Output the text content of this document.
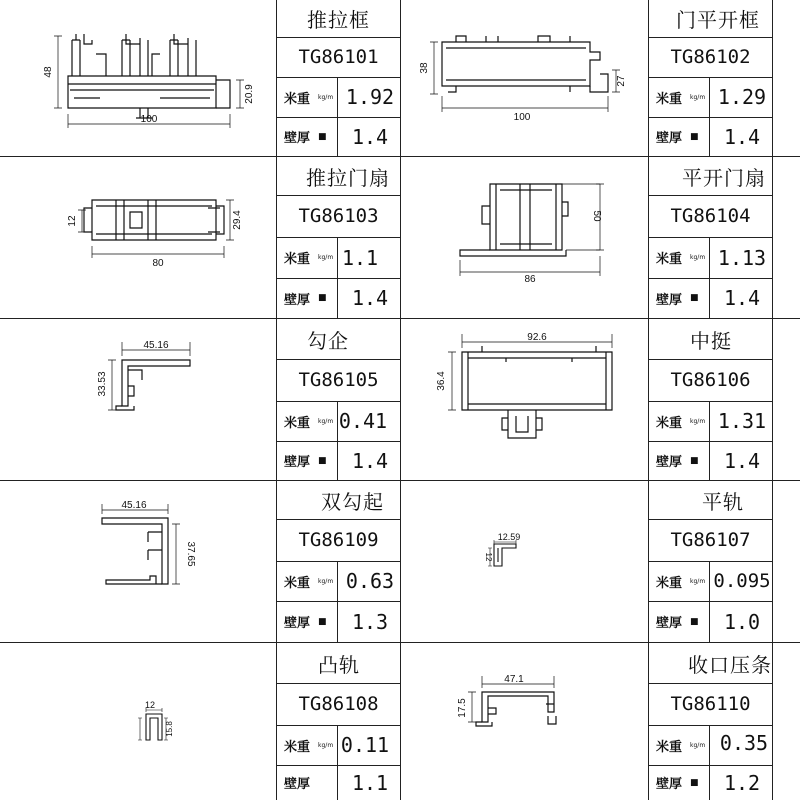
48
20.9
100
推拉框
TG86101
米重 kg/m 1.92
壁厚 ■	1.4
38
27
100
门平开框
TG86102
米重 kg/m 1.29
壁厚 ■	1.4
12	29.4
80
推拉门扇
TG86103
米重 kg/m 1.1
壁厚 ■	1.4
50
86
平开门扇
TG86104
米重 kg/m 1.13
壁厚 ■	1.4
45.16
33.53
勾企
TG86105
米重 kg/m 0.41
壁厚 ■	1.4
92.6
36.4
中挺
TG86106
米重 kg/m 1.31
壁厚 ■	1.4
45.16
37.65
双勾起
TG86109
米重 kg/m 0.63
壁厚 ■	1.3
12.59
12
平轨
TG86107
米重 kg/m 0.095
壁厚 ■	1.0
12
15.8
凸轨
TG86108
米重 kg/m 0.11
壁厚	1.1
47.1
17.5
收口压条
TG86110
米重 kg/m 0.35
壁厚 ■	1.2
